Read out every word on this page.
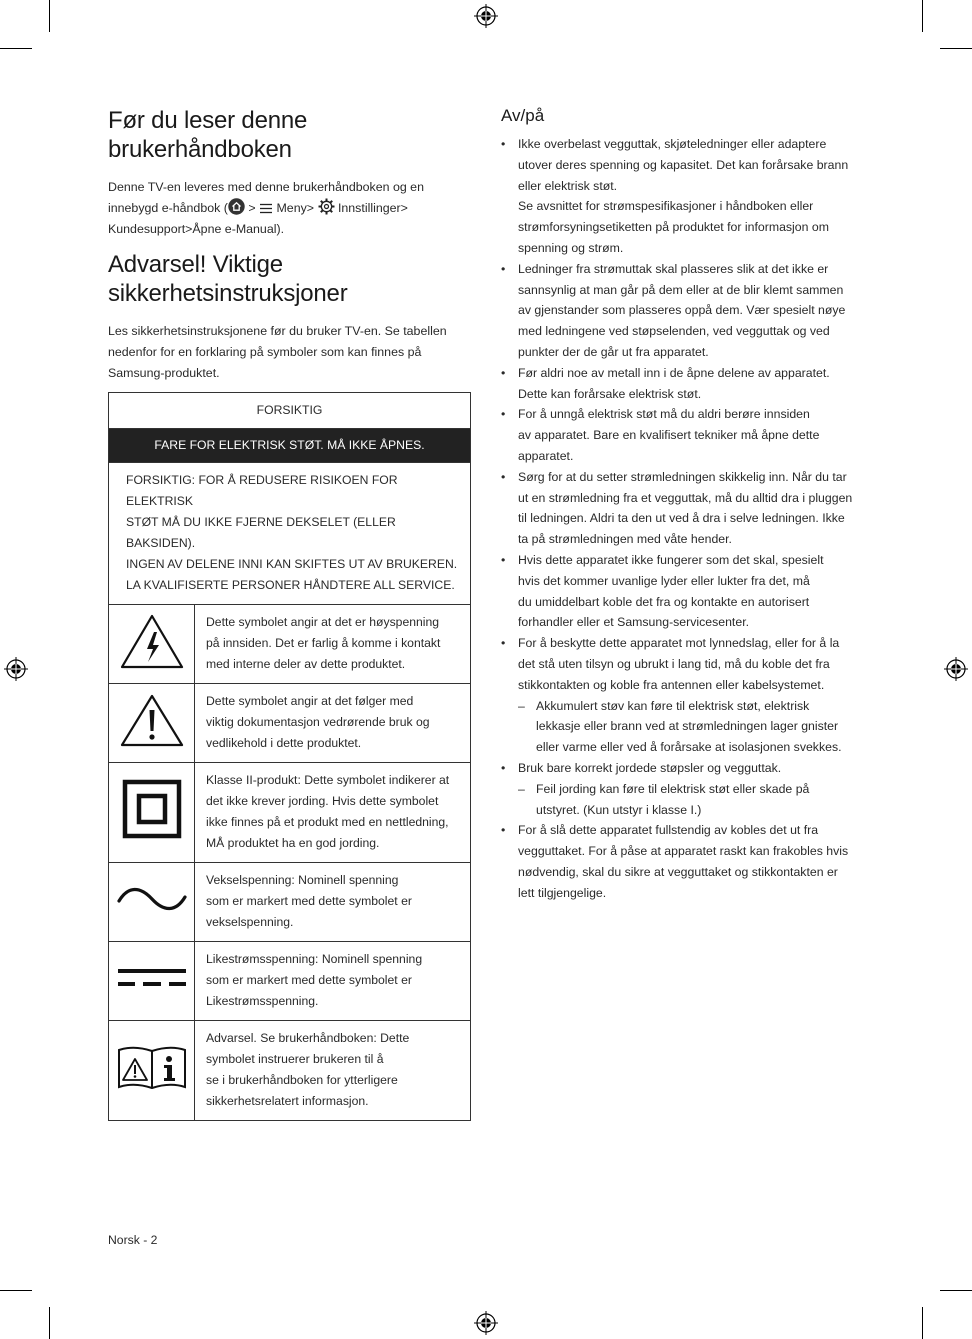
Før du leser denne
brukerhåndboken
Denne TV-en leveres med denne brukerhåndboken og en
innebygd e-håndbok ( > Meny> Innstillinger>
Kundesupport>Åpne e-Manual).
Advarsel! Viktige
sikkerhetsinstruksjoner
Les sikkerhetsinstruksjonene før du bruker TV-en. Se tabellen
nedenfor for en forklaring på symboler som kan finnes på
Samsung-produktet.
FORSIKTIG	
FARE FOR ELEKTRISK STØT. MÅ IKKE ÅPNES.	
FORSIKTIG: FOR Å REDUSERE RISIKOEN FOR ELEKTRISK
STØT MÅ DU IKKE FJERNE DEKSELET (ELLER BAKSIDEN).
INGEN AV DELENE INNI KAN SKIFTES UT AV BRUKEREN.
LA KVALIFISERTE PERSONER HÅNDTERE ALL SERVICE.	
	Dette symbolet angir at det er høyspenning
på innsiden. Det er farlig å komme i kontakt
med interne deler av dette produktet.
	Dette symbolet angir at det følger med
viktig dokumentasjon vedrørende bruk og
vedlikehold i dette produktet.
	Klasse II-produkt: Dette symbolet indikerer at
det ikke krever jording. Hvis dette symbolet
ikke finnes på et produkt med en nettledning,
MÅ produktet ha en god jording.
	Vekselspenning: Nominell spenning
som er markert med dette symbolet er
vekselspenning.
	Likestrømsspenning: Nominell spenning
som er markert med dette symbolet er
Likestrømsspenning.
	Advarsel. Se brukerhåndboken: Dette
symbolet instruerer brukeren til å
se i brukerhåndboken for ytterligere
sikkerhetsrelatert informasjon.
Av/på
• Ikke overbelast vegguttak, skjøteledninger eller adaptere
utover deres spenning og kapasitet. Det kan forårsake brann
eller elektrisk støt.
Se avsnittet for strømspesifikasjoner i håndboken eller
strømforsyningsetiketten på produktet for informasjon om
spenning og strøm.
• Ledninger fra strømuttak skal plasseres slik at det ikke er
sannsynlig at man går på dem eller at de blir klemt sammen
av gjenstander som plasseres oppå dem. Vær spesielt nøye
med ledningene ved støpselenden, ved vegguttak og ved
punkter der de går ut fra apparatet.
• Før aldri noe av metall inn i de åpne delene av apparatet.
Dette kan forårsake elektrisk støt.
• For å unngå elektrisk støt må du aldri berøre innsiden
av apparatet. Bare en kvalifisert tekniker må åpne dette
apparatet.
• Sørg for at du setter strømledningen skikkelig inn. Når du tar
ut en strømledning fra et vegguttak, må du alltid dra i pluggen
til ledningen. Aldri ta den ut ved å dra i selve ledningen. Ikke
ta på strømledningen med våte hender.
• Hvis dette apparatet ikke fungerer som det skal, spesielt
hvis det kommer uvanlige lyder eller lukter fra det, må
du umiddelbart koble det fra og kontakte en autorisert
forhandler eller et Samsung-servicesenter.
• For å beskytte dette apparatet mot lynnedslag, eller for å la
det stå uten tilsyn og ubrukt i lang tid, må du koble det fra
stikkontakten og koble fra antennen eller kabelsystemet.
– Akkumulert støv kan føre til elektrisk støt, elektrisk
lekkasje eller brann ved at strømledningen lager gnister
eller varme eller ved å forårsake at isolasjonen svekkes.
• Bruk bare korrekt jordede støpsler og vegguttak.
– Feil jording kan føre til elektrisk støt eller skade på
utstyret. (Kun utstyr i klasse I.)
• For å slå dette apparatet fullstendig av kobles det ut fra
vegguttaket. For å påse at apparatet raskt kan frakobles hvis
nødvendig, skal du sikre at vegguttaket og stikkontakten er
lett tilgjengelige.
Norsk - 2
